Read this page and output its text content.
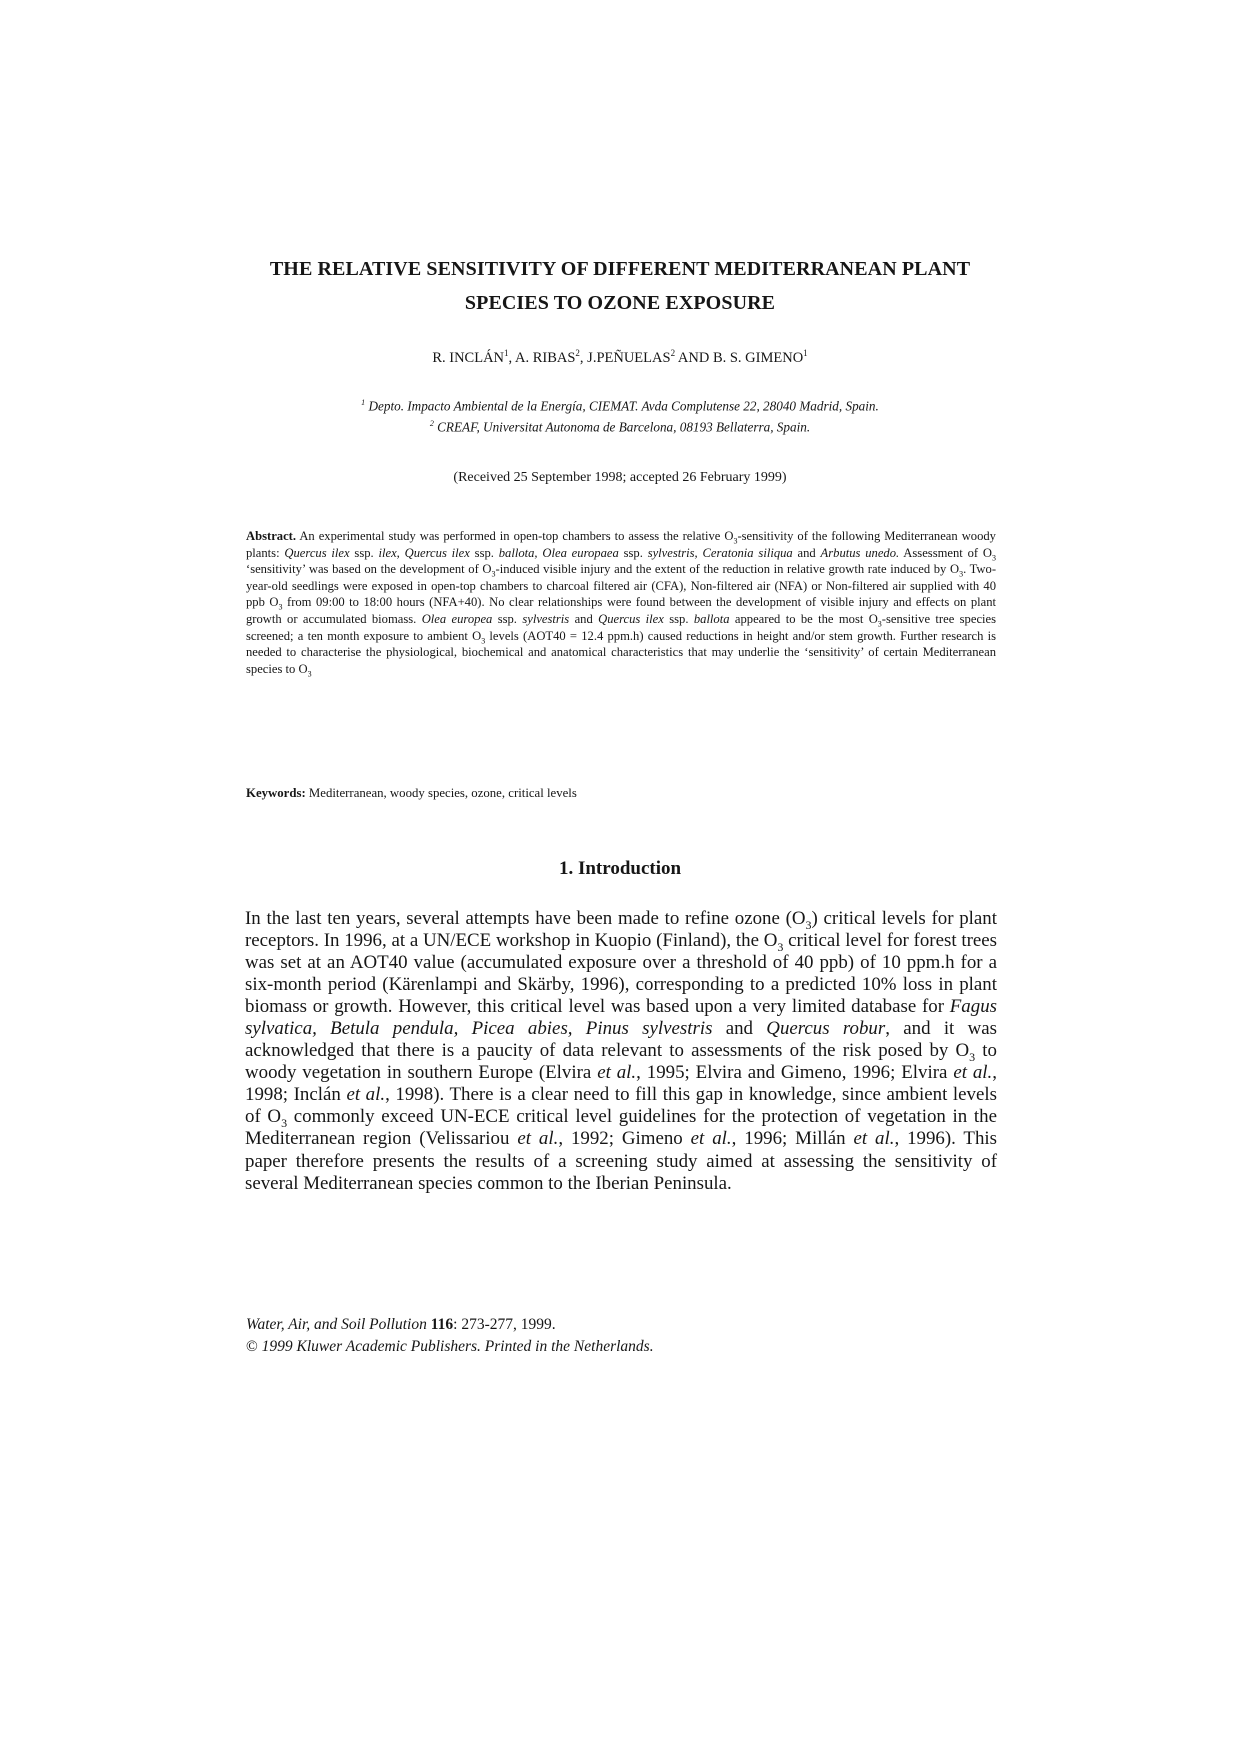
THE RELATIVE SENSITIVITY OF DIFFERENT MEDITERRANEAN PLANT
SPECIES TO OZONE EXPOSURE
R. INCLÁN$^1$, A. RIBAS$^2$, J.PEÑUELAS$^2$ AND B. S. GIMENO$^1$
$^1$ Depto. Impacto Ambiental de la Energía, CIEMAT. Avda Complutense 22, 28040 Madrid, Spain.
$^2$ CREAF, Universitat Autonoma de Barcelona, 08193 Bellaterra, Spain.
(Received 25 September 1998; accepted 26 February 1999)
Abstract. An experimental study was performed in open-top chambers to assess the relative $O_3$-sensitivity of the following Mediterranean woody plants: Quercus ilex ssp. ilex, Quercus ilex ssp. ballota, Olea europaea ssp. sylvestris, Ceratonia siliqua and Arbutus unedo. Assessment of $O_3$ ‘sensitivity’ was based on the development of $O_3$-induced visible injury and the extent of the reduction in relative growth rate induced by $O_3$. Two-year-old seedlings were exposed in open-top chambers to charcoal filtered air (CFA), Non-filtered air (NFA) or Non-filtered air supplied with 40 ppb $O_3$ from 09:00 to 18:00 hours (NFA+40). No clear relationships were found between the development of visible injury and effects on plant growth or accumulated biomass. Olea europea ssp. sylvestris and Quercus ilex ssp. ballota appeared to be the most $O_3$-sensitive tree species screened; a ten month exposure to ambient $O_3$ levels (AOT40 = 12.4 ppm.h) caused reductions in height and/or stem growth. Further research is needed to characterise the physiological, biochemical and anatomical characteristics that may underlie the ‘sensitivity’ of certain Mediterranean species to $O_3$
Keywords: Mediterranean, woody species, ozone, critical levels
1. Introduction
In the last ten years, several attempts have been made to refine ozone $(O_3)$ critical levels for plant receptors. In 1996, at a UN/ECE workshop in Kuopio (Finland), the $O_3$ critical level for forest trees was set at an AOT40 value (accumulated exposure over a threshold of 40 ppb) of 10 ppm.h for a six-month period (Kärenlampi and Skärby, 1996), corresponding to a predicted 10% loss in plant biomass or growth. However, this critical level was based upon a very limited database for Fagus sylvatica, Betula pendula, Picea abies, Pinus sylvestris and Quercus robur, and it was acknowledged that there is a paucity of data relevant to assessments of the risk posed by $O_3$ to woody vegetation in southern Europe (Elvira et al., 1995; Elvira and Gimeno, 1996; Elvira et al., 1998; Inclán et al., 1998). There is a clear need to fill this gap in knowledge, since ambient levels of $O_3$ commonly exceed UN-ECE critical level guidelines for the protection of vegetation in the Mediterranean region (Velissariou et al., 1992; Gimeno et al., 1996; Millán et al., 1996). This paper therefore presents the results of a screening study aimed at assessing the sensitivity of several Mediterranean species common to the Iberian Peninsula.
Water, Air, and Soil Pollution 116: 273-277, 1999.
© 1999 Kluwer Academic Publishers. Printed in the Netherlands.
